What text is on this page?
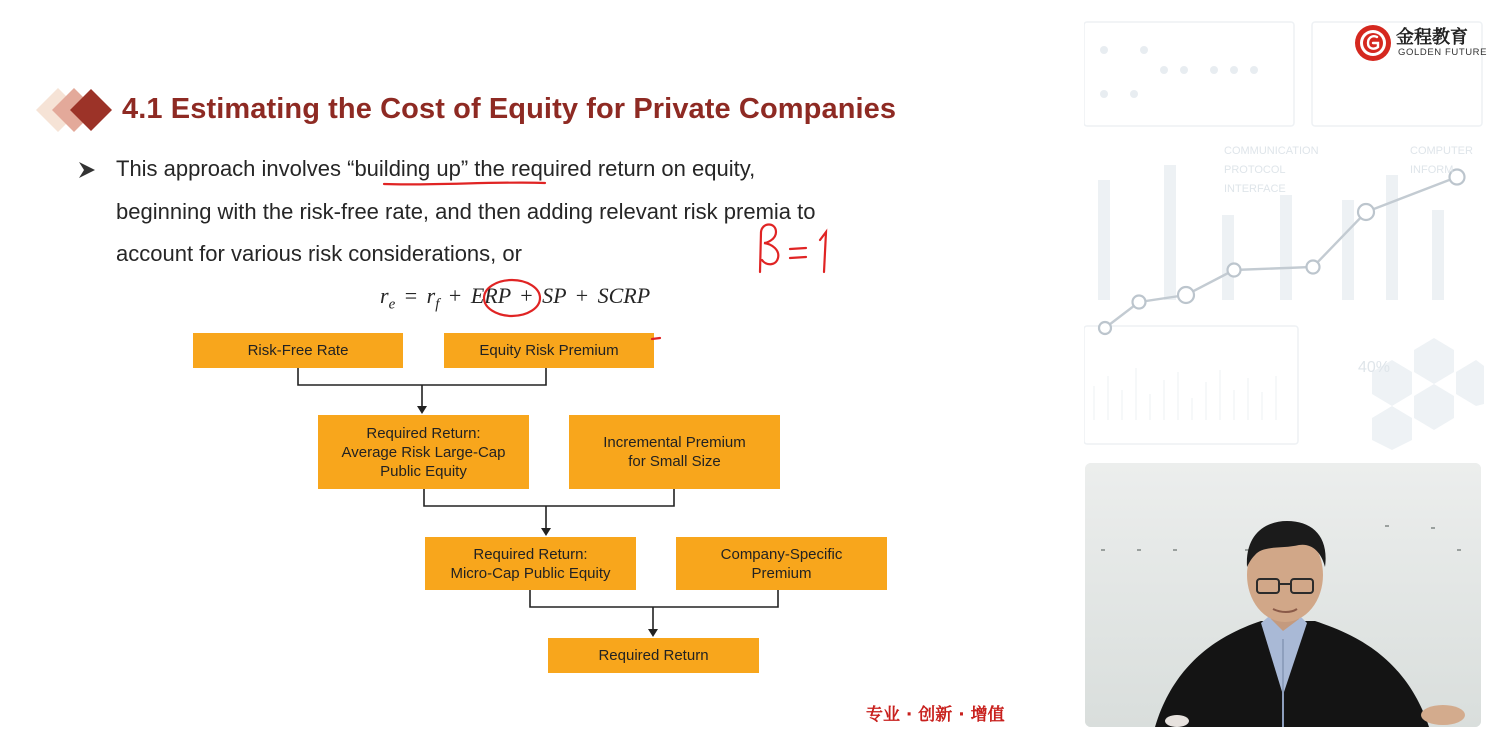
4.1 Estimating the Cost of Equity for Private Companies
This approach involves “building up” the required return on equity,
beginning with the risk-free rate, and then adding relevant risk premia to
account for various risk considerations, or
$r_e = r_f$ + ERP + SP + SCRP
Risk-Free Rate	Equity Risk Premium
Required Return:
Average Risk Large-Cap
Public Equity
Incremental Premium
for Small Size
Required Return:
Micro-Cap Public Equity
Company-Specific
Premium
Required Return
专业 · 创新 · 增值
COMMUNICATION
PROTOCOL
INTERFACE
COMPUTER
INFORM
40%
金程教育
GOLDEN FUTURE
